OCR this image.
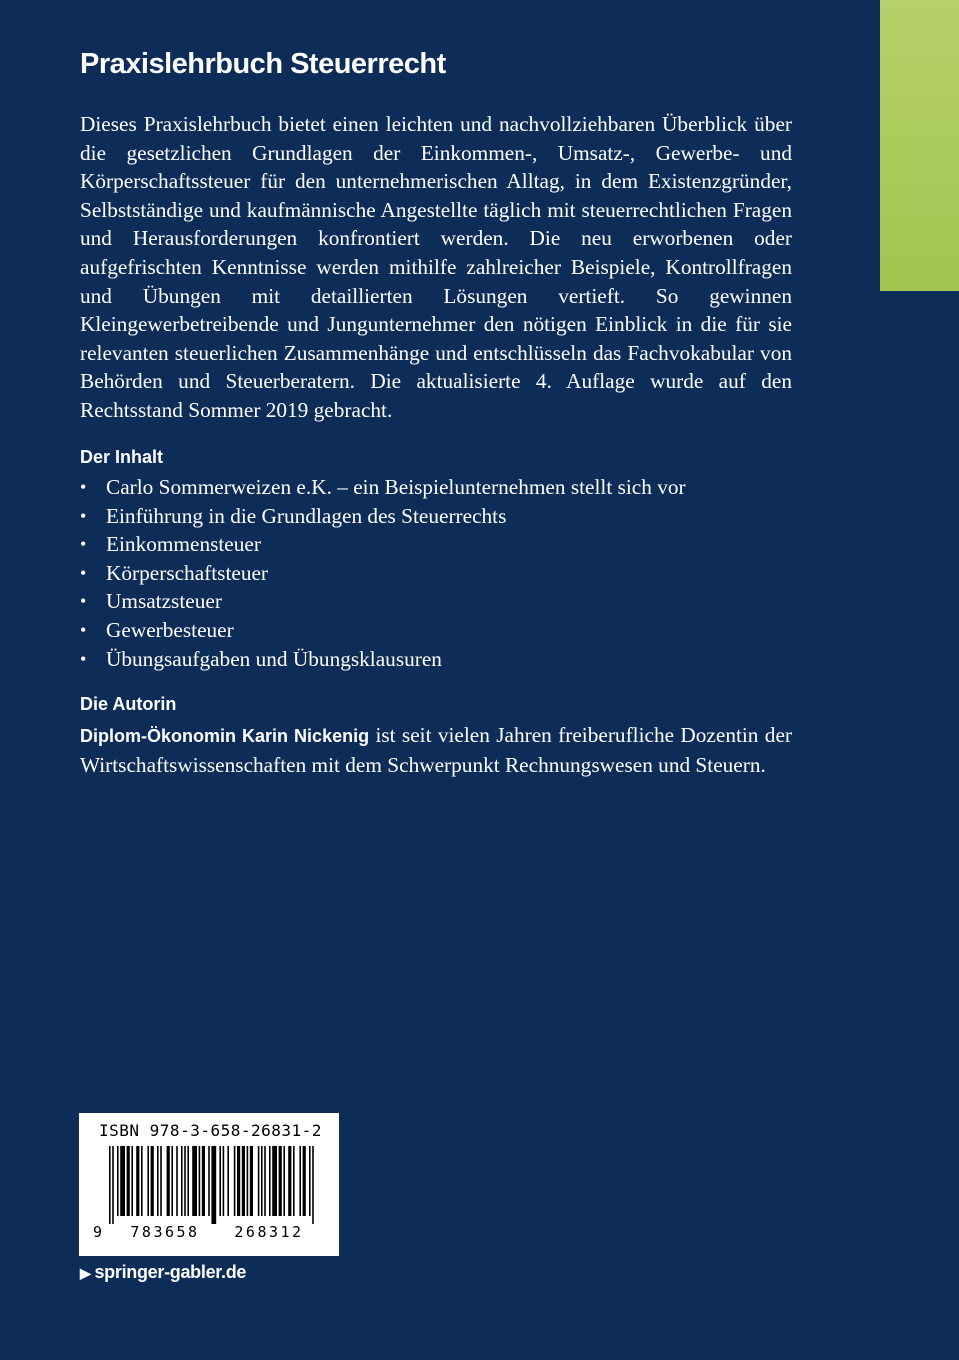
Praxislehrbuch Steuerrecht

Dieses Praxislehrbuch bietet einen leichten und nachvollziehbaren Überblick über die gesetzlichen Grundlagen der Einkommen-, Umsatz-, Gewerbe- und Körperschaftssteuer für den unternehmerischen Alltag, in dem Existenzgründer, Selbstständige und kaufmännische Angestellte täglich mit steuerrechtlichen Fragen und Herausforderungen konfrontiert werden. Die neu erworbenen oder aufgefrischten Kenntnisse werden mithilfe zahlreicher Beispiele, Kontrollfragen und Übungen mit detaillierten Lösungen vertieft. So gewinnen Kleingewerbetreibende und Jungunternehmer den nötigen Einblick in die für sie relevanten steuerlichen Zusammenhänge und entschlüsseln das Fachvokabular von Behörden und Steuerberatern. Die aktualisierte 4. Auflage wurde auf den Rechtsstand Sommer 2019 gebracht.

Der Inhalt
• Carlo Sommerweizen e.K. – ein Beispielunternehmen stellt sich vor
• Einführung in die Grundlagen des Steuerrechts
• Einkommensteuer
• Körperschaftsteuer
• Umsatzsteuer
• Gewerbesteuer
• Übungsaufgaben und Übungsklausuren
Die Autorin

Diplom-Ökonomin Karin Nickenig ist seit vielen Jahren freiberufliche Dozentin der Wirtschaftswissenschaften mit dem Schwerpunkt Rechnungswesen und Steuern.

ISBN 978-3-658-26831-2
9	783658	268312
▶ springer-gabler.de
